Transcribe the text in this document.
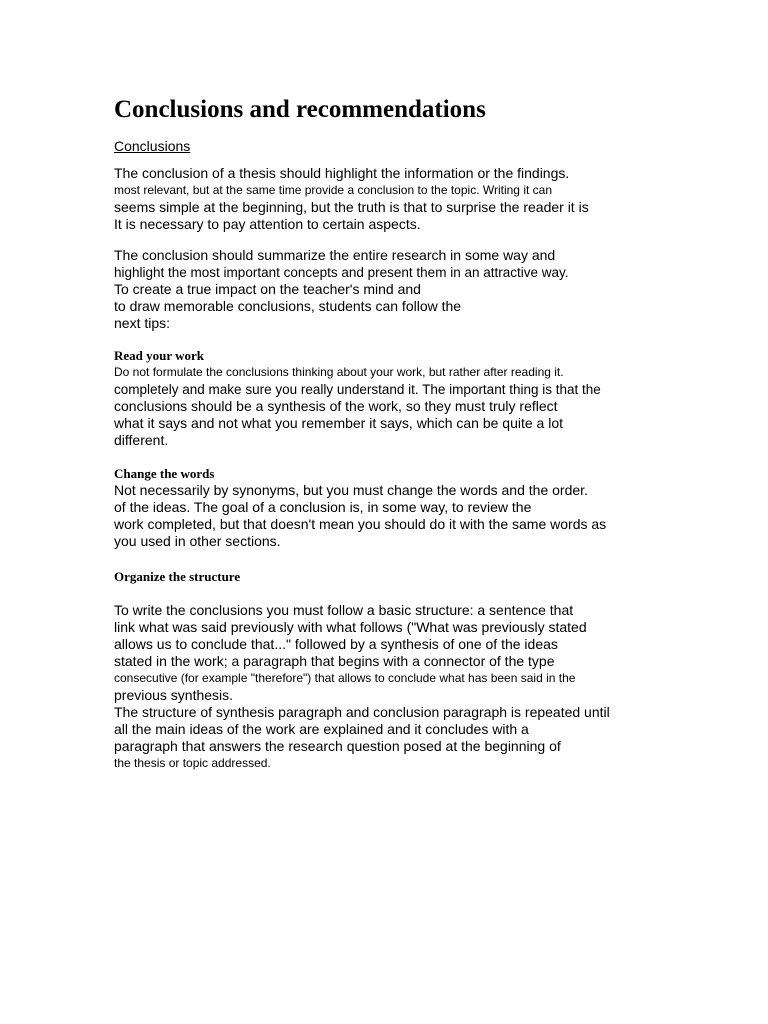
Conclusions and recommendations
Conclusions
The conclusion of a thesis should highlight the information or the findings.
most relevant, but at the same time provide a conclusion to the topic. Writing it can
seems simple at the beginning, but the truth is that to surprise the reader it is
It is necessary to pay attention to certain aspects.
The conclusion should summarize the entire research in some way and
highlight the most important concepts and present them in an attractive way.
To create a true impact on the teacher's mind and
to draw memorable conclusions, students can follow the
next tips:
Read your work
Do not formulate the conclusions thinking about your work, but rather after reading it.
completely and make sure you really understand it. The important thing is that the
conclusions should be a synthesis of the work, so they must truly reflect
what it says and not what you remember it says, which can be quite a lot
different.
Change the words
Not necessarily by synonyms, but you must change the words and the order.
of the ideas. The goal of a conclusion is, in some way, to review the
work completed, but that doesn't mean you should do it with the same words as
you used in other sections.
Organize the structure
To write the conclusions you must follow a basic structure: a sentence that
link what was said previously with what follows ("What was previously stated
allows us to conclude that..." followed by a synthesis of one of the ideas
stated in the work; a paragraph that begins with a connector of the type
consecutive (for example "therefore") that allows to conclude what has been said in the
previous synthesis.
The structure of synthesis paragraph and conclusion paragraph is repeated until
all the main ideas of the work are explained and it concludes with a
paragraph that answers the research question posed at the beginning of
the thesis or topic addressed.
